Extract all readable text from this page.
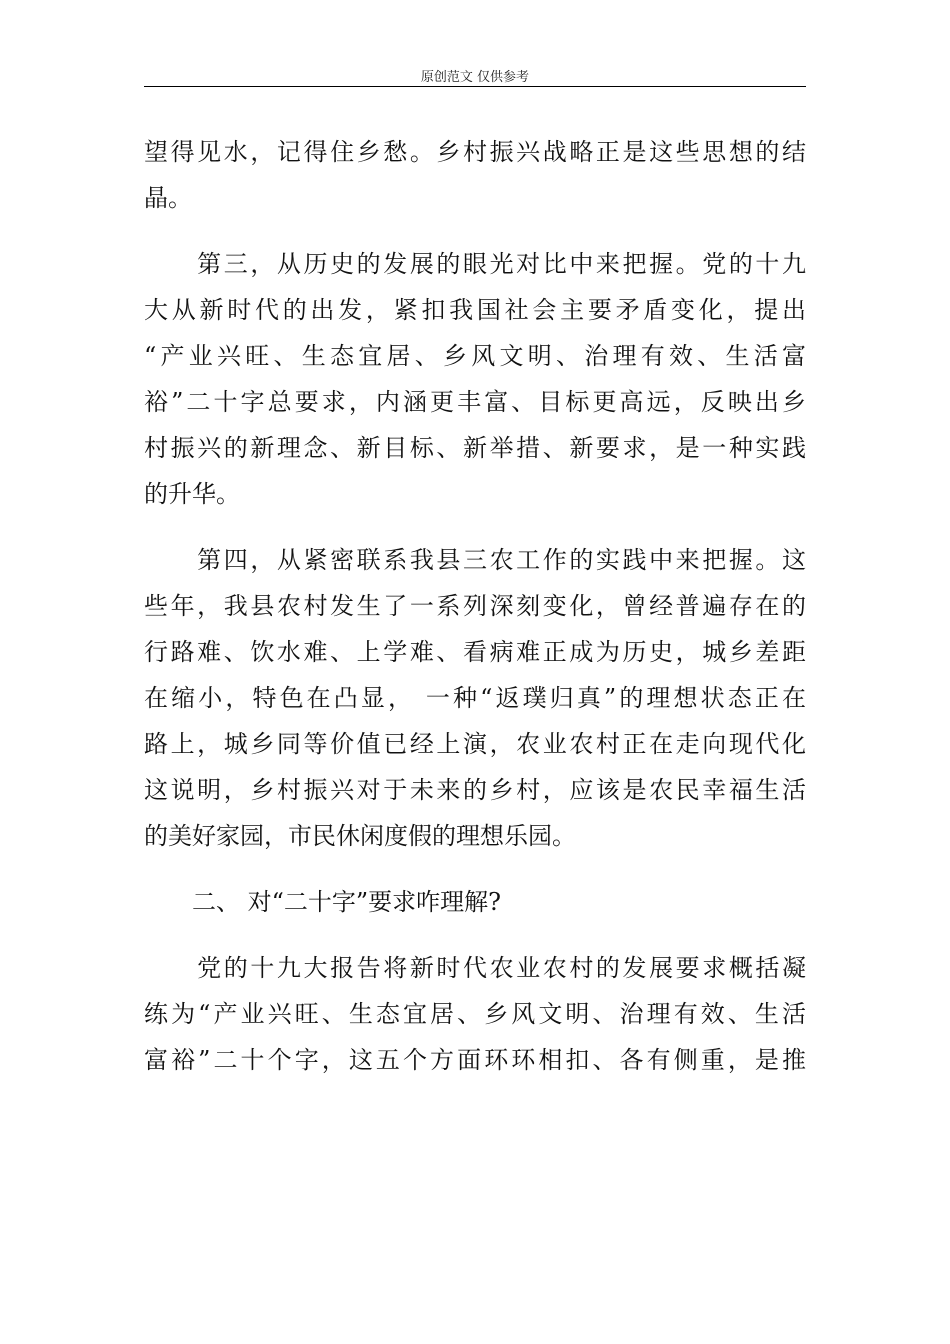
原创范文 仅供参考
望得见水，记得住乡愁。乡村振兴战略正是这些思想的结
晶。
　　第三，从历史的发展的眼光对比中来把握。党的十九
大从新时代的出发，紧扣我国社会主要矛盾变化，提出
“产业兴旺、生态宜居、乡风文明、治理有效、生活富
裕”二十字总要求，内涵更丰富、目标更高远，反映出乡
村振兴的新理念、新目标、新举措、新要求，是一种实践
的升华。
　　第四，从紧密联系我县三农工作的实践中来把握。这
些年，我县农村发生了一系列深刻变化，曾经普遍存在的
行路难、饮水难、上学难、看病难正成为历史，城乡差距
在缩小，特色在凸显， 一种“返璞归真”的理想状态正在
路上，城乡同等价值已经上演，农业农村正在走向现代化
这说明，乡村振兴对于未来的乡村，应该是农民幸福生活
的美好家园，市民休闲度假的理想乐园。
　　二、 对“二十字”要求咋理解?
　　党的十九大报告将新时代农业农村的发展要求概括凝
练为“产业兴旺、生态宜居、乡风文明、治理有效、生活
富裕”二十个字，这五个方面环环相扣、各有侧重，是推
